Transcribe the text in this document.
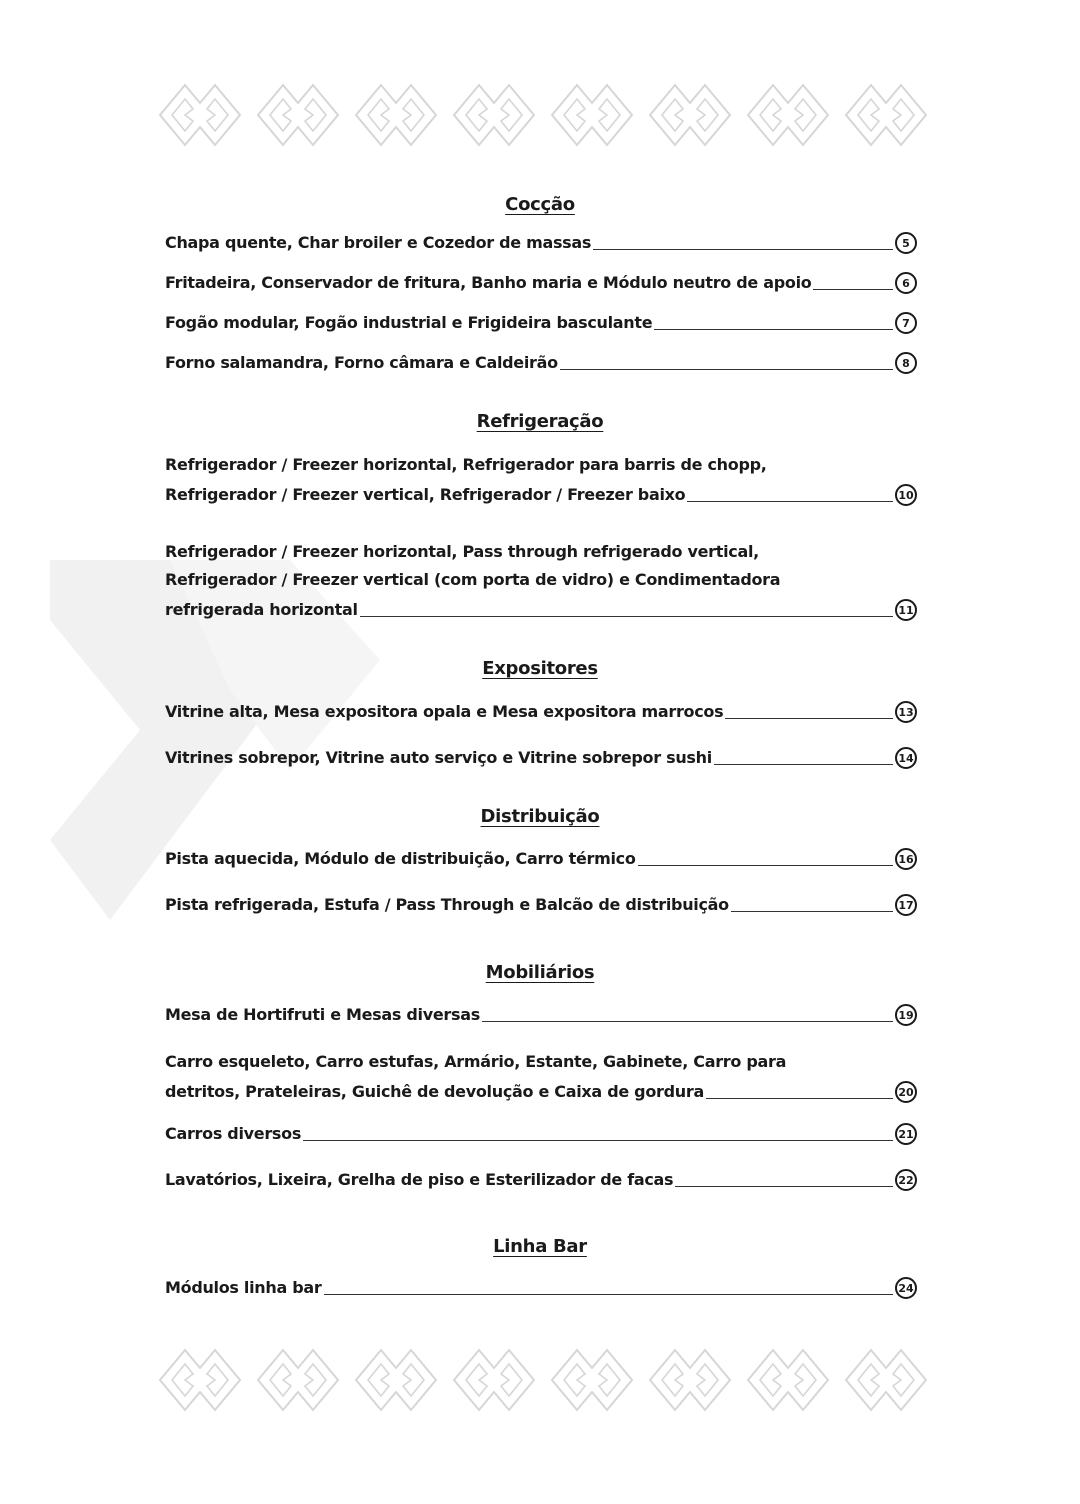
Cocção
Chapa quente, Char broiler e Cozedor de massas	5
Fritadeira, Conservador de fritura, Banho maria e Módulo neutro de apoio	6
Fogão modular, Fogão industrial e Frigideira basculante	7
Forno salamandra, Forno câmara e Caldeirão	8
Refrigeração
Refrigerador / Freezer horizontal, Refrigerador para barris de chopp,
Refrigerador / Freezer vertical, Refrigerador / Freezer baixo	10
Refrigerador / Freezer horizontal, Pass through refrigerado vertical,
Refrigerador / Freezer vertical (com porta de vidro) e Condimentadora
refrigerada horizontal	11
Expositores
Vitrine alta, Mesa expositora opala e Mesa expositora marrocos	13
Vitrines sobrepor, Vitrine auto serviço e Vitrine sobrepor sushi	14
Distribuição
Pista aquecida, Módulo de distribuição, Carro térmico	16
Pista refrigerada, Estufa / Pass Through e Balcão de distribuição	17
Mobiliários
Mesa de Hortifruti e Mesas diversas	19
Carro esqueleto, Carro estufas, Armário, Estante, Gabinete, Carro para
detritos, Prateleiras, Guichê de devolução e Caixa de gordura	20
Carros diversos	21
Lavatórios, Lixeira, Grelha de piso e Esterilizador de facas	22
Linha Bar
Módulos linha bar	24
